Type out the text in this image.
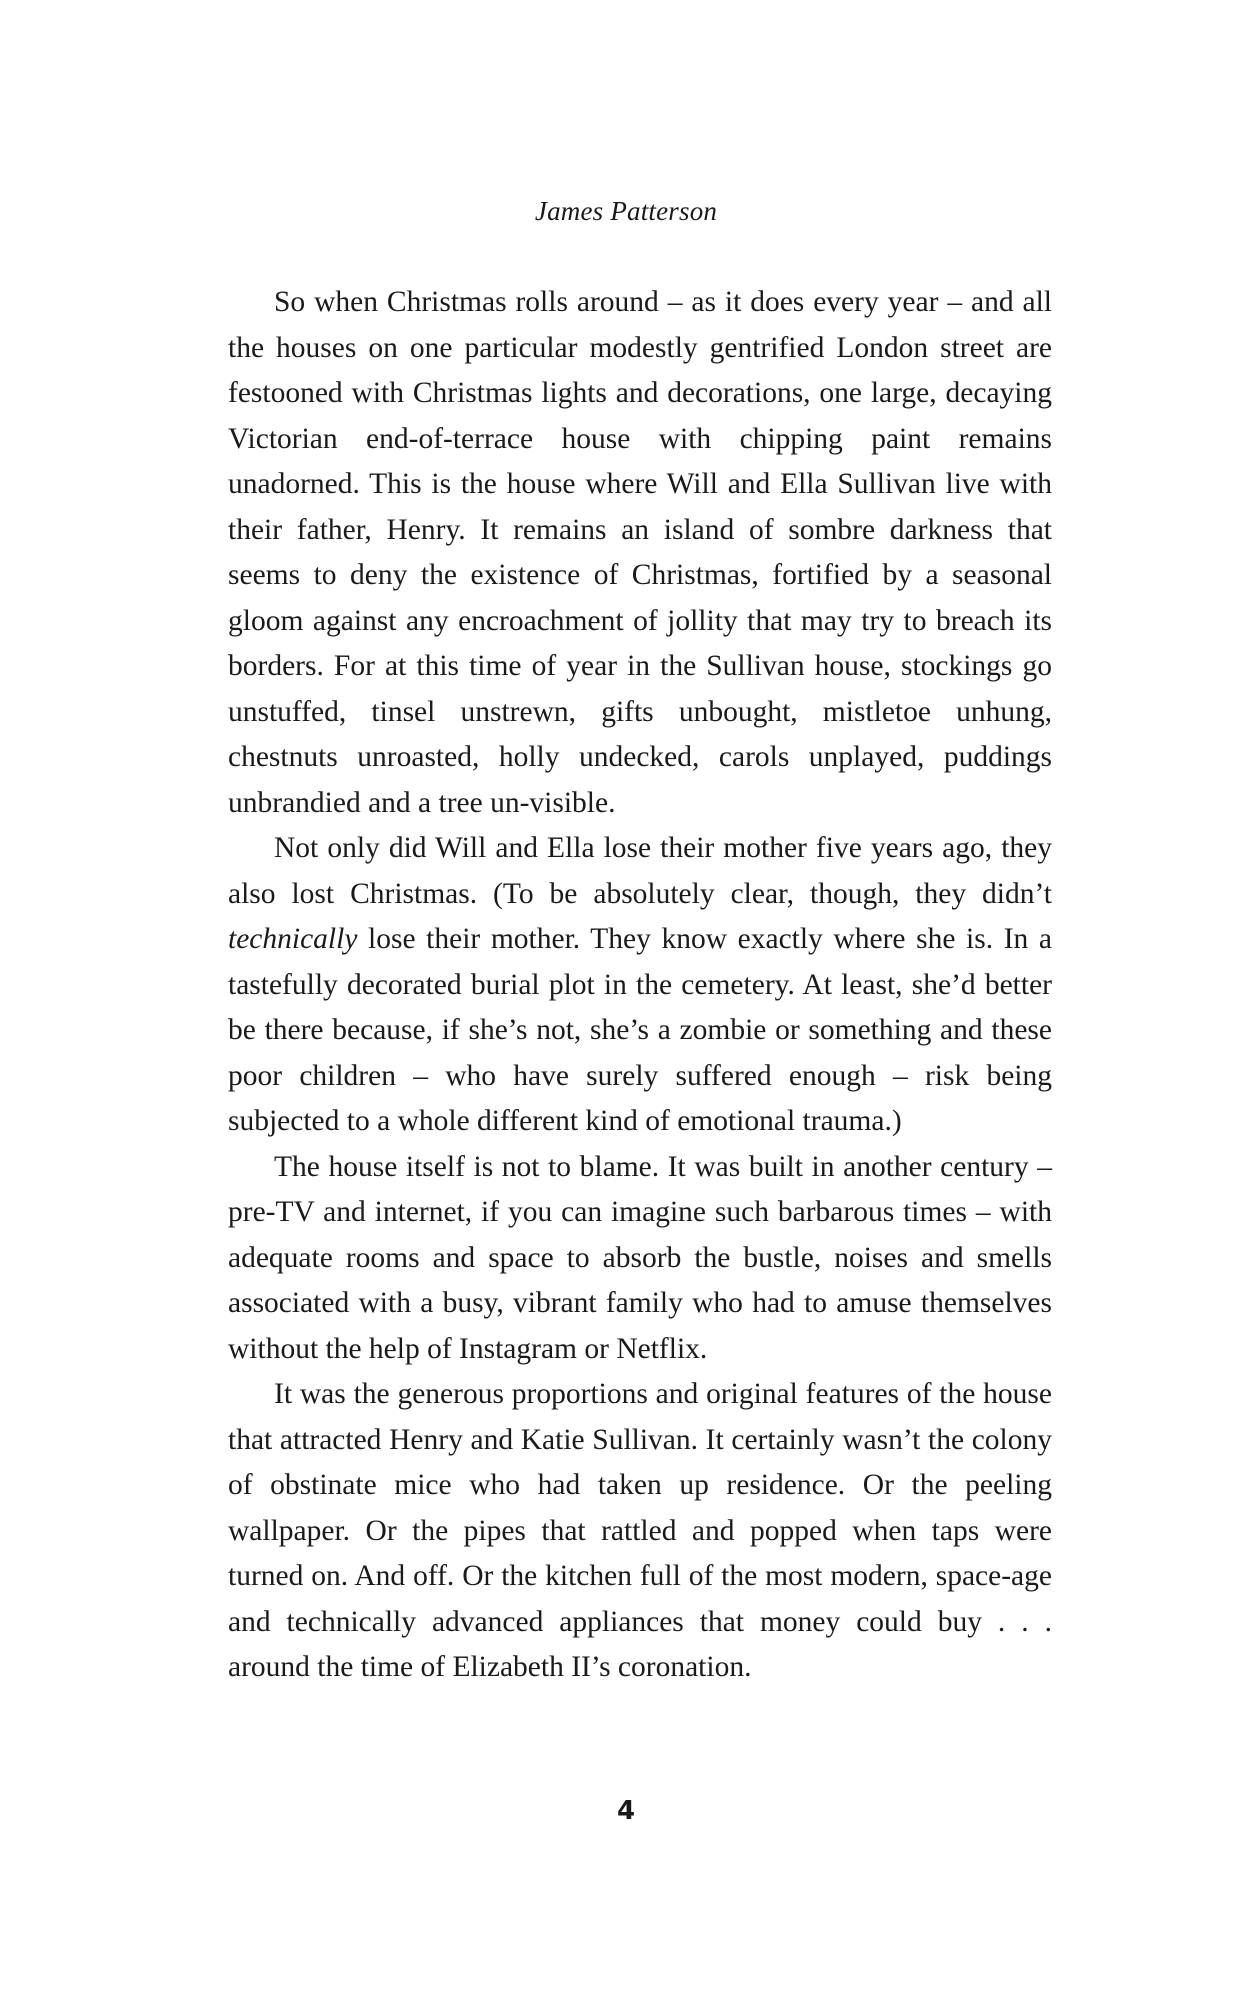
James Patterson

So when Christmas rolls around – as it does every year – and all the houses on one particular modestly gentrified London street are festooned with Christmas lights and decorations, one large, decaying Victorian end-of-terrace house with chipping paint remains unadorned. This is the house where Will and Ella Sullivan live with their father, Henry. It remains an island of sombre darkness that seems to deny the existence of Christmas, fortified by a seasonal gloom against any encroachment of jollity that may try to breach its borders. For at this time of year in the Sullivan house, stockings go unstuffed, tinsel unstrewn, gifts unbought, mistletoe unhung, chestnuts unroasted, holly undecked, carols unplayed, puddings unbrandied and a tree un-visible.

Not only did Will and Ella lose their mother five years ago, they also lost Christmas. (To be absolutely clear, though, they didn’t technically lose their mother. They know exactly where she is. In a tastefully decorated burial plot in the cemetery. At least, she’d better be there because, if she’s not, she’s a zombie or something and these poor children – who have surely suffered enough – risk being subjected to a whole different kind of emotional trauma.)

The house itself is not to blame. It was built in another century – pre-TV and internet, if you can imagine such barbarous times – with adequate rooms and space to absorb the bustle, noises and smells associated with a busy, vibrant family who had to amuse themselves without the help of Instagram or Netflix.

It was the generous proportions and original features of the house that attracted Henry and Katie Sullivan. It certainly wasn’t the colony of obstinate mice who had taken up residence. Or the peeling wallpaper. Or the pipes that rattled and popped when taps were turned on. And off. Or the kitchen full of the most modern, space-age and technically advanced appliances that money could buy . . . around the time of Elizabeth II’s coronation.

4
